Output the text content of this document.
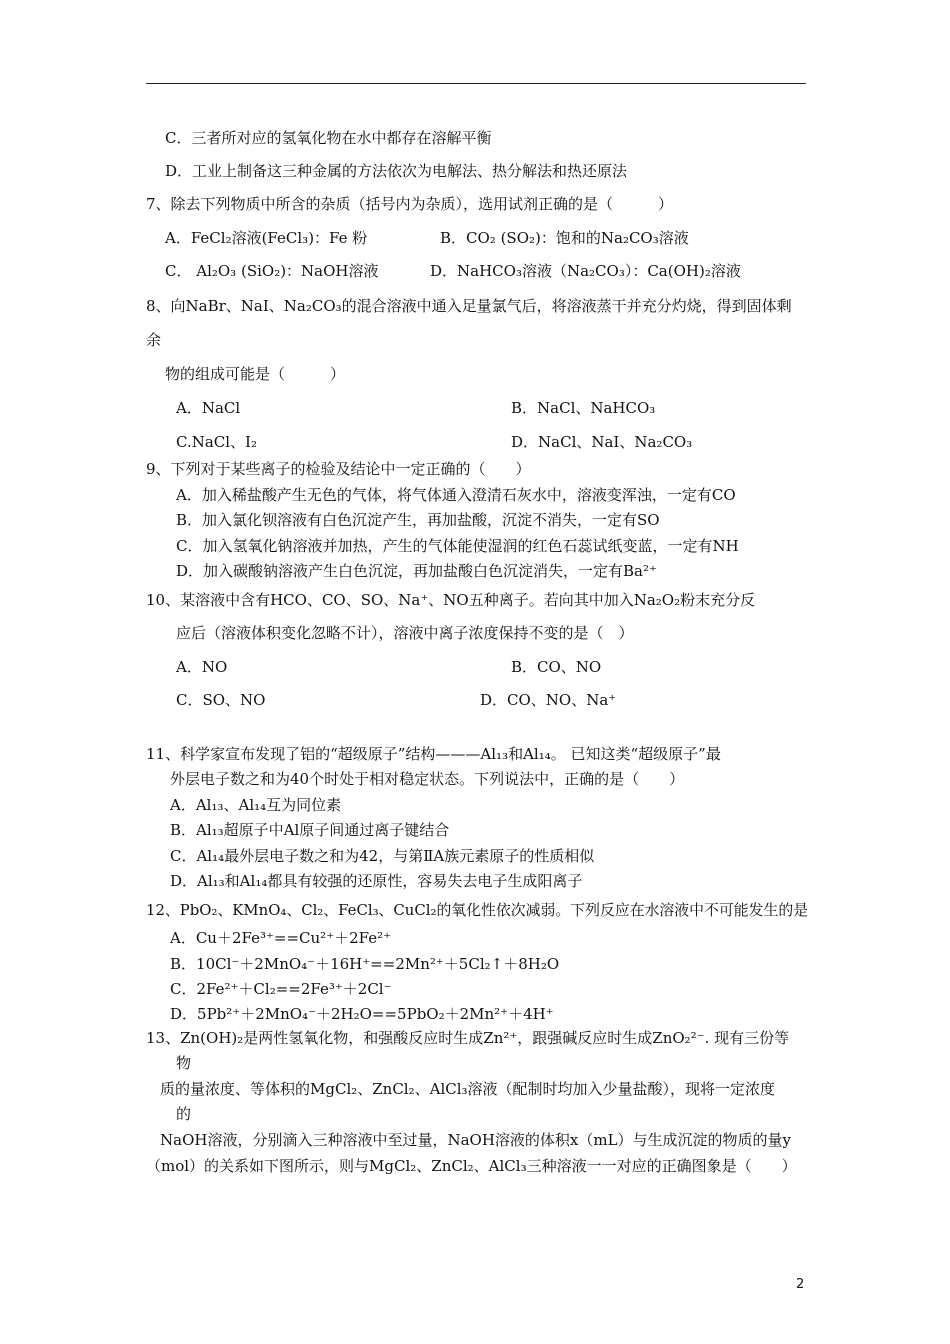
C．三者所对应的氢氧化物在水中都存在溶解平衡
D．工业上制备这三种金属的方法依次为电解法、热分解法和热还原法
7、除去下列物质中所含的杂质（括号内为杂质），选用试剂正确的是（　　　）
A．FeCl₂溶液(FeCl₃)：Fe 粉	B．CO₂ (SO₂)：饱和的Na₂CO₃溶液
C． Al₂O₃ (SiO₂)：NaOH溶液	D．NaHCO₃溶液（Na₂CO₃）：Ca(OH)₂溶液
8、向NaBr、NaI、Na₂CO₃的混合溶液中通入足量氯气后，将溶液蒸干并充分灼烧，得到固体剩
余
物的组成可能是（　　　）
A．NaCl	B．NaCl、NaHCO₃
C.NaCl、I₂	D．NaCl、NaI、Na₂CO₃
9、下列对于某些离子的检验及结论中一定正确的（　　）
A．加入稀盐酸产生无色的气体，将气体通入澄清石灰水中，溶液变浑浊，一定有CO
B．加入氯化钡溶液有白色沉淀产生，再加盐酸，沉淀不消失，一定有SO
C．加入氢氧化钠溶液并加热，产生的气体能使湿润的红色石蕊试纸变蓝，一定有NH
D．加入碳酸钠溶液产生白色沉淀，再加盐酸白色沉淀消失，一定有Ba²⁺
10、某溶液中含有HCO、CO、SO、Na⁺、NO五种离子。若向其中加入Na₂O₂粉末充分反
应后（溶液体积变化忽略不计），溶液中离子浓度保持不变的是（　）
A．NO	B．CO、NO
C．SO、NO	D．CO、NO、Na⁺
11、科学家宣布发现了铝的“超级原子”结构———Al₁₃和Al₁₄。 已知这类“超级原子”最
外层电子数之和为40个时处于相对稳定状态。下列说法中，正确的是（　　）
A．Al₁₃、Al₁₄互为同位素
B．Al₁₃超原子中Al原子间通过离子键结合
C．Al₁₄最外层电子数之和为42，与第ⅡA族元素原子的性质相似
D．Al₁₃和Al₁₄都具有较强的还原性，容易失去电子生成阳离子
12、PbO₂、KMnO₄、Cl₂、FeCl₃、CuCl₂的氧化性依次减弱。下列反应在水溶液中不可能发生的是
A．Cu＋2Fe³⁺==Cu²⁺＋2Fe²⁺
B．10Cl⁻＋2MnO₄⁻＋16H⁺==2Mn²⁺＋5Cl₂↑＋8H₂O
C．2Fe²⁺＋Cl₂==2Fe³⁺＋2Cl⁻
D．5Pb²⁺＋2MnO₄⁻＋2H₂O==5PbO₂＋2Mn²⁺＋4H⁺
13、Zn(OH)₂是两性氢氧化物，和强酸反应时生成Zn²⁺，跟强碱反应时生成ZnO₂²⁻. 现有三份等
物
质的量浓度、等体积的MgCl₂、ZnCl₂、AlCl₃溶液（配制时均加入少量盐酸），现将一定浓度
的
NaOH溶液，分别滴入三种溶液中至过量，NaOH溶液的体积x（mL）与生成沉淀的物质的量y
（mol）的关系如下图所示，则与MgCl₂、ZnCl₂、AlCl₃三种溶液一一对应的正确图象是（　　）
2
